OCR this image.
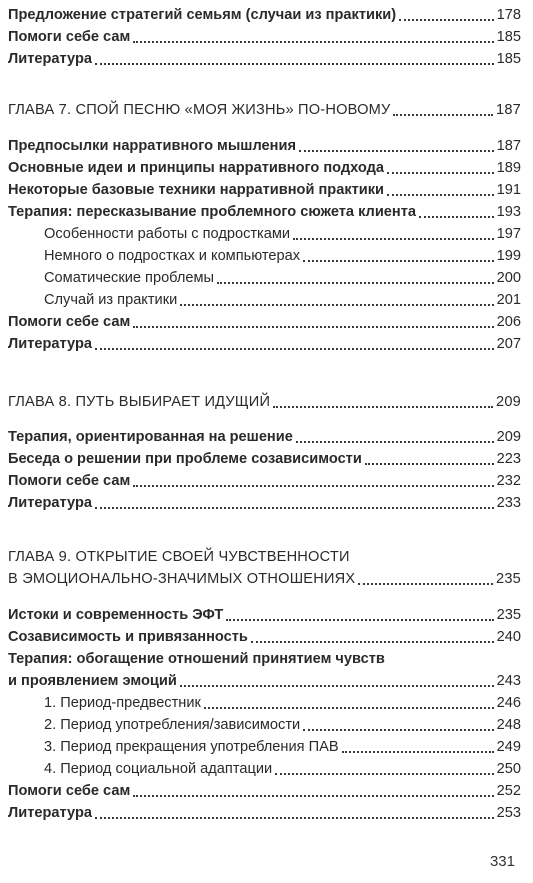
Предложение стратегий семьям (случаи из практики)	178
Помоги себе сам	185
Литература	185
ГЛАВА 7. СПОЙ ПЕСНЮ «МОЯ ЖИЗНЬ» ПО-НОВОМУ	187
Предпосылки нарративного мышления	187
Основные идеи и принципы нарративного подхода	189
Некоторые базовые техники нарративной практики	191
Терапия: пересказывание проблемного сюжета клиента	193
Особенности работы с подростками	197
Немного о подростках и компьютерах	199
Соматические проблемы	200
Случай из практики	201
Помоги себе сам	206
Литература	207
ГЛАВА 8. ПУТЬ ВЫБИРАЕТ ИДУЩИЙ	209
Терапия, ориентированная на решение	209
Беседа о решении при проблеме созависимости	223
Помоги себе сам	232
Литература	233
ГЛАВА 9. ОТКРЫТИЕ СВОЕЙ ЧУВСТВЕННОСТИ
В ЭМОЦИОНАЛЬНО-ЗНАЧИМЫХ ОТНОШЕНИЯХ	235
Истоки и современность ЭФТ	235
Созависимость и привязанность	240
Терапия: обогащение отношений принятием чувств
и проявлением эмоций	243
1. Период-предвестник	246
2. Период употребления/зависимости	248
3. Период прекращения употребления ПАВ	249
4. Период социальной адаптации	250
Помоги себе сам	252
Литература	253
331
